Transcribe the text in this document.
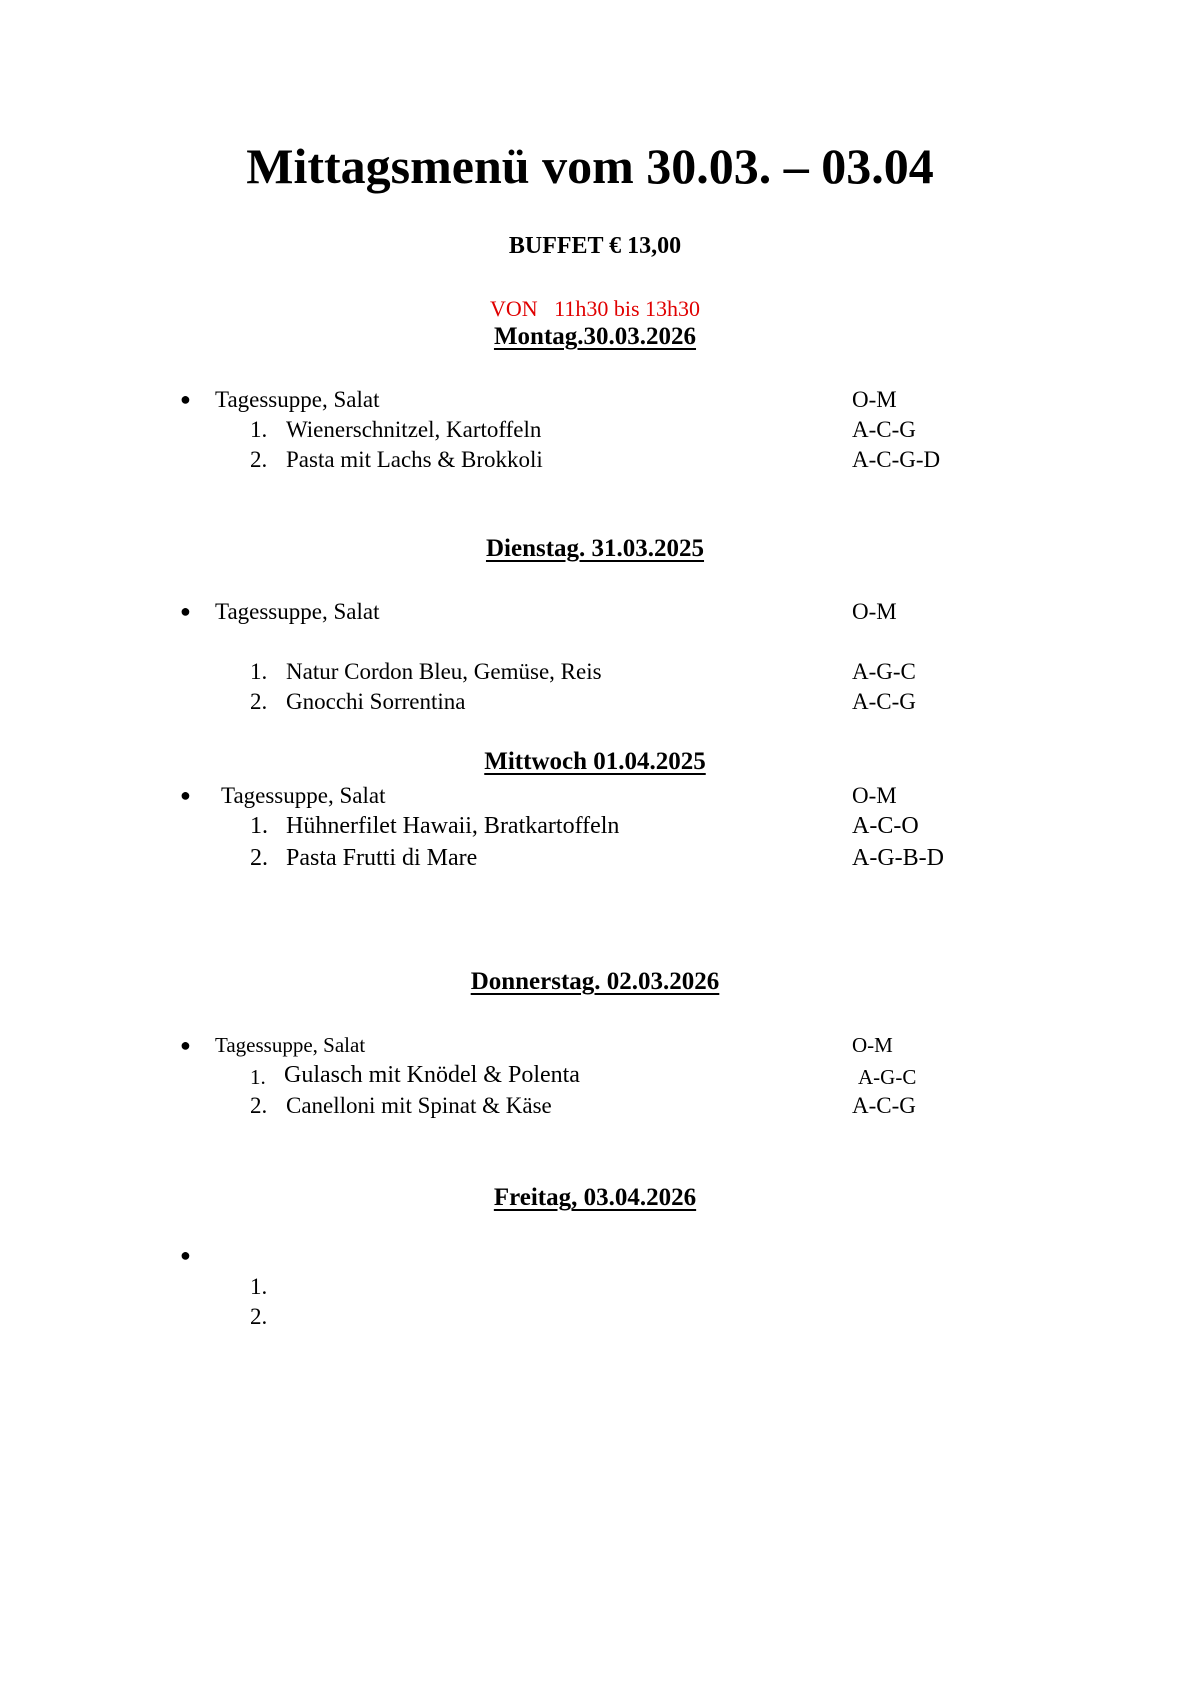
Mittagsmenü vom 30.03. – 03.04
BUFFET € 13,00
VON   11h30 bis 13h30
Montag.30.03.2026
● Tagessuppe, Salat	O-M
1. Wienerschnitzel, Kartoffeln	A-C-G
2. Pasta mit Lachs & Brokkoli	A-C-G-D
Dienstag. 31.03.2025
● Tagessuppe, Salat	O-M
1. Natur Cordon Bleu, Gemüse, Reis	A-G-C
2. Gnocchi Sorrentina	A-C-G
Mittwoch 01.04.2025
● Tagessuppe, Salat	O-M
1. Hühnerfilet Hawaii, Bratkartoffeln	A-C-O
2. Pasta Frutti di Mare	A-G-B-D
Donnerstag. 02.03.2026
● Tagessuppe, Salat	O-M
1. Gulasch mit Knödel & Polenta	A-G-C
2. Canelloni mit Spinat & Käse	A-C-G
Freitag, 03.04.2026
●
1.
2.
